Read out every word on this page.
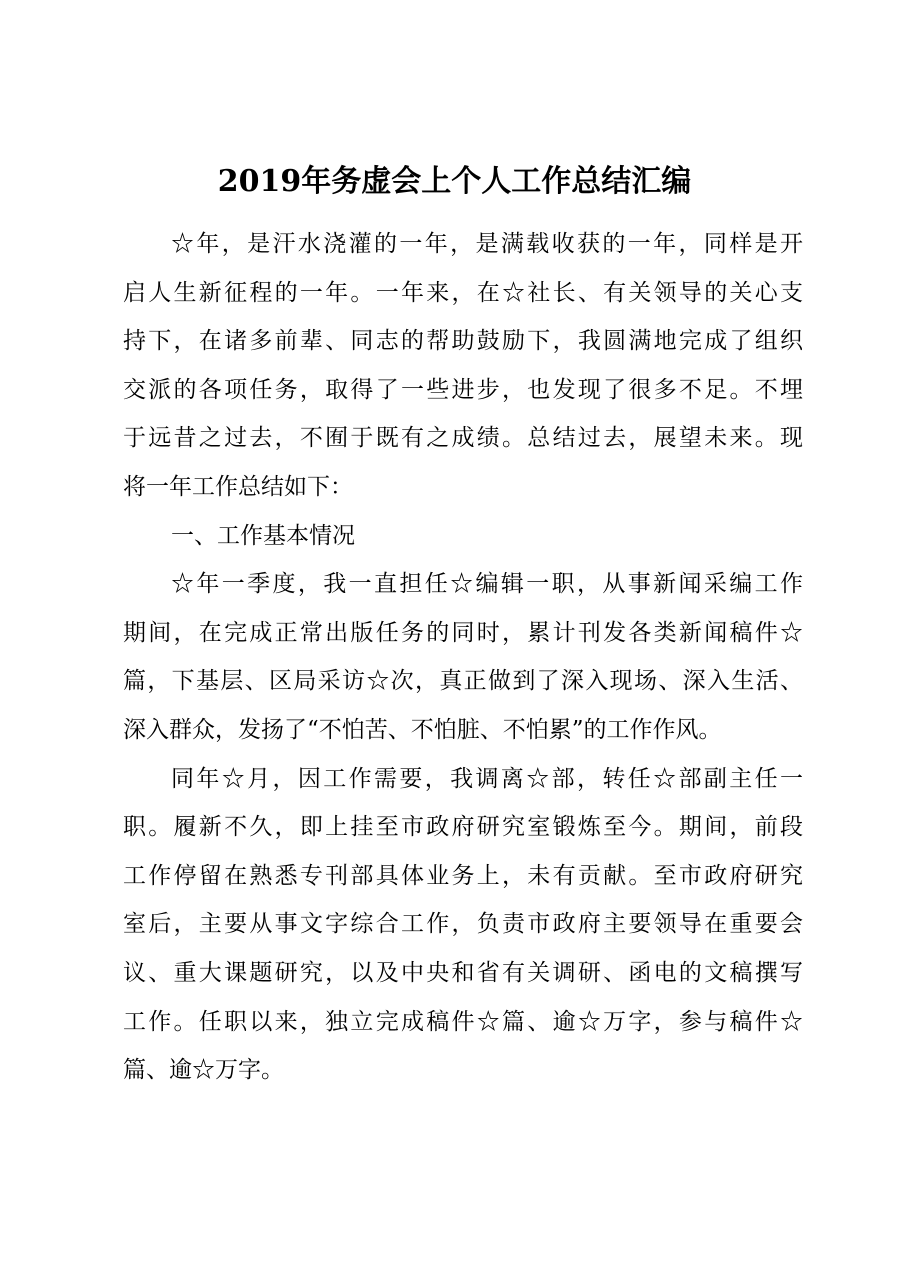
2019年务虚会上个人工作总结汇编
☆年，是汗水浇灌的一年，是满载收获的一年，同样是开
启人生新征程的一年。一年来，在☆社长、有关领导的关心支
持下，在诸多前辈、同志的帮助鼓励下，我圆满地完成了组织
交派的各项任务，取得了一些进步，也发现了很多不足。不埋
于远昔之过去，不囿于既有之成绩。总结过去，展望未来。现
将一年工作总结如下：
一、工作基本情况
☆年一季度，我一直担任☆编辑一职，从事新闻采编工作
期间，在完成正常出版任务的同时，累计刊发各类新闻稿件☆
篇，下基层、区局采访☆次，真正做到了深入现场、深入生活、
深入群众，发扬了“不怕苦、不怕脏、不怕累”的工作作风。
同年☆月，因工作需要，我调离☆部，转任☆部副主任一
职。履新不久，即上挂至市政府研究室锻炼至今。期间，前段
工作停留在熟悉专刊部具体业务上，未有贡献。至市政府研究
室后，主要从事文字综合工作，负责市政府主要领导在重要会
议、重大课题研究，以及中央和省有关调研、函电的文稿撰写
工作。任职以来，独立完成稿件☆篇、逾☆万字，参与稿件☆
篇、逾☆万字。
